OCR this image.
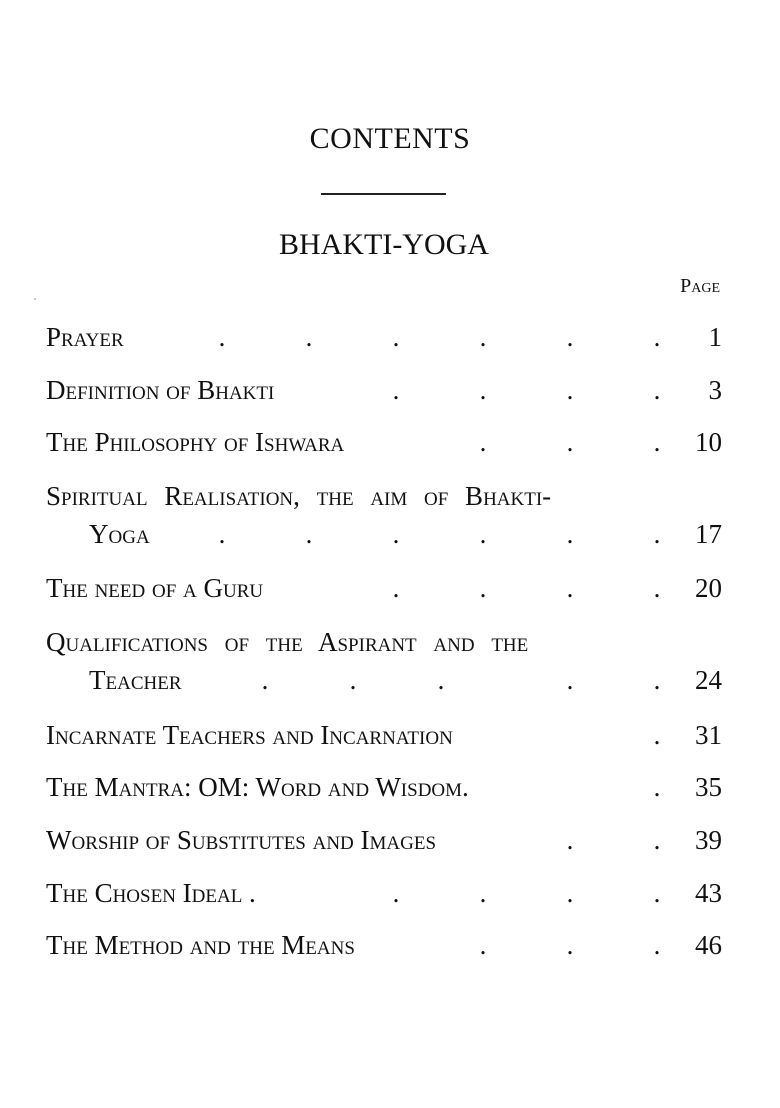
CONTENTS
BHAKTI-YOGA
Page
Prayer	.	.	.	.	.	. 1
Definition of Bhakti	.	.	.	. 3
The Philosophy of Ishwara	.	.	. 10
Spiritual Realisation, the aim of Bhakti-
Yoga	.	.	.	.	.	. 17
The need of a Guru	.	.	.	. 20
Qualifications of the Aspirant and the
Teacher	.	.	.	.	. 24
Incarnate Teachers and Incarnation	. 31
The Mantra: OM: Word and Wisdom.	. 35
Worship of Substitutes and Images	.	. 39
The Chosen Ideal .	.	.	.	. 43
The Method and the Means	.	.	. 46
